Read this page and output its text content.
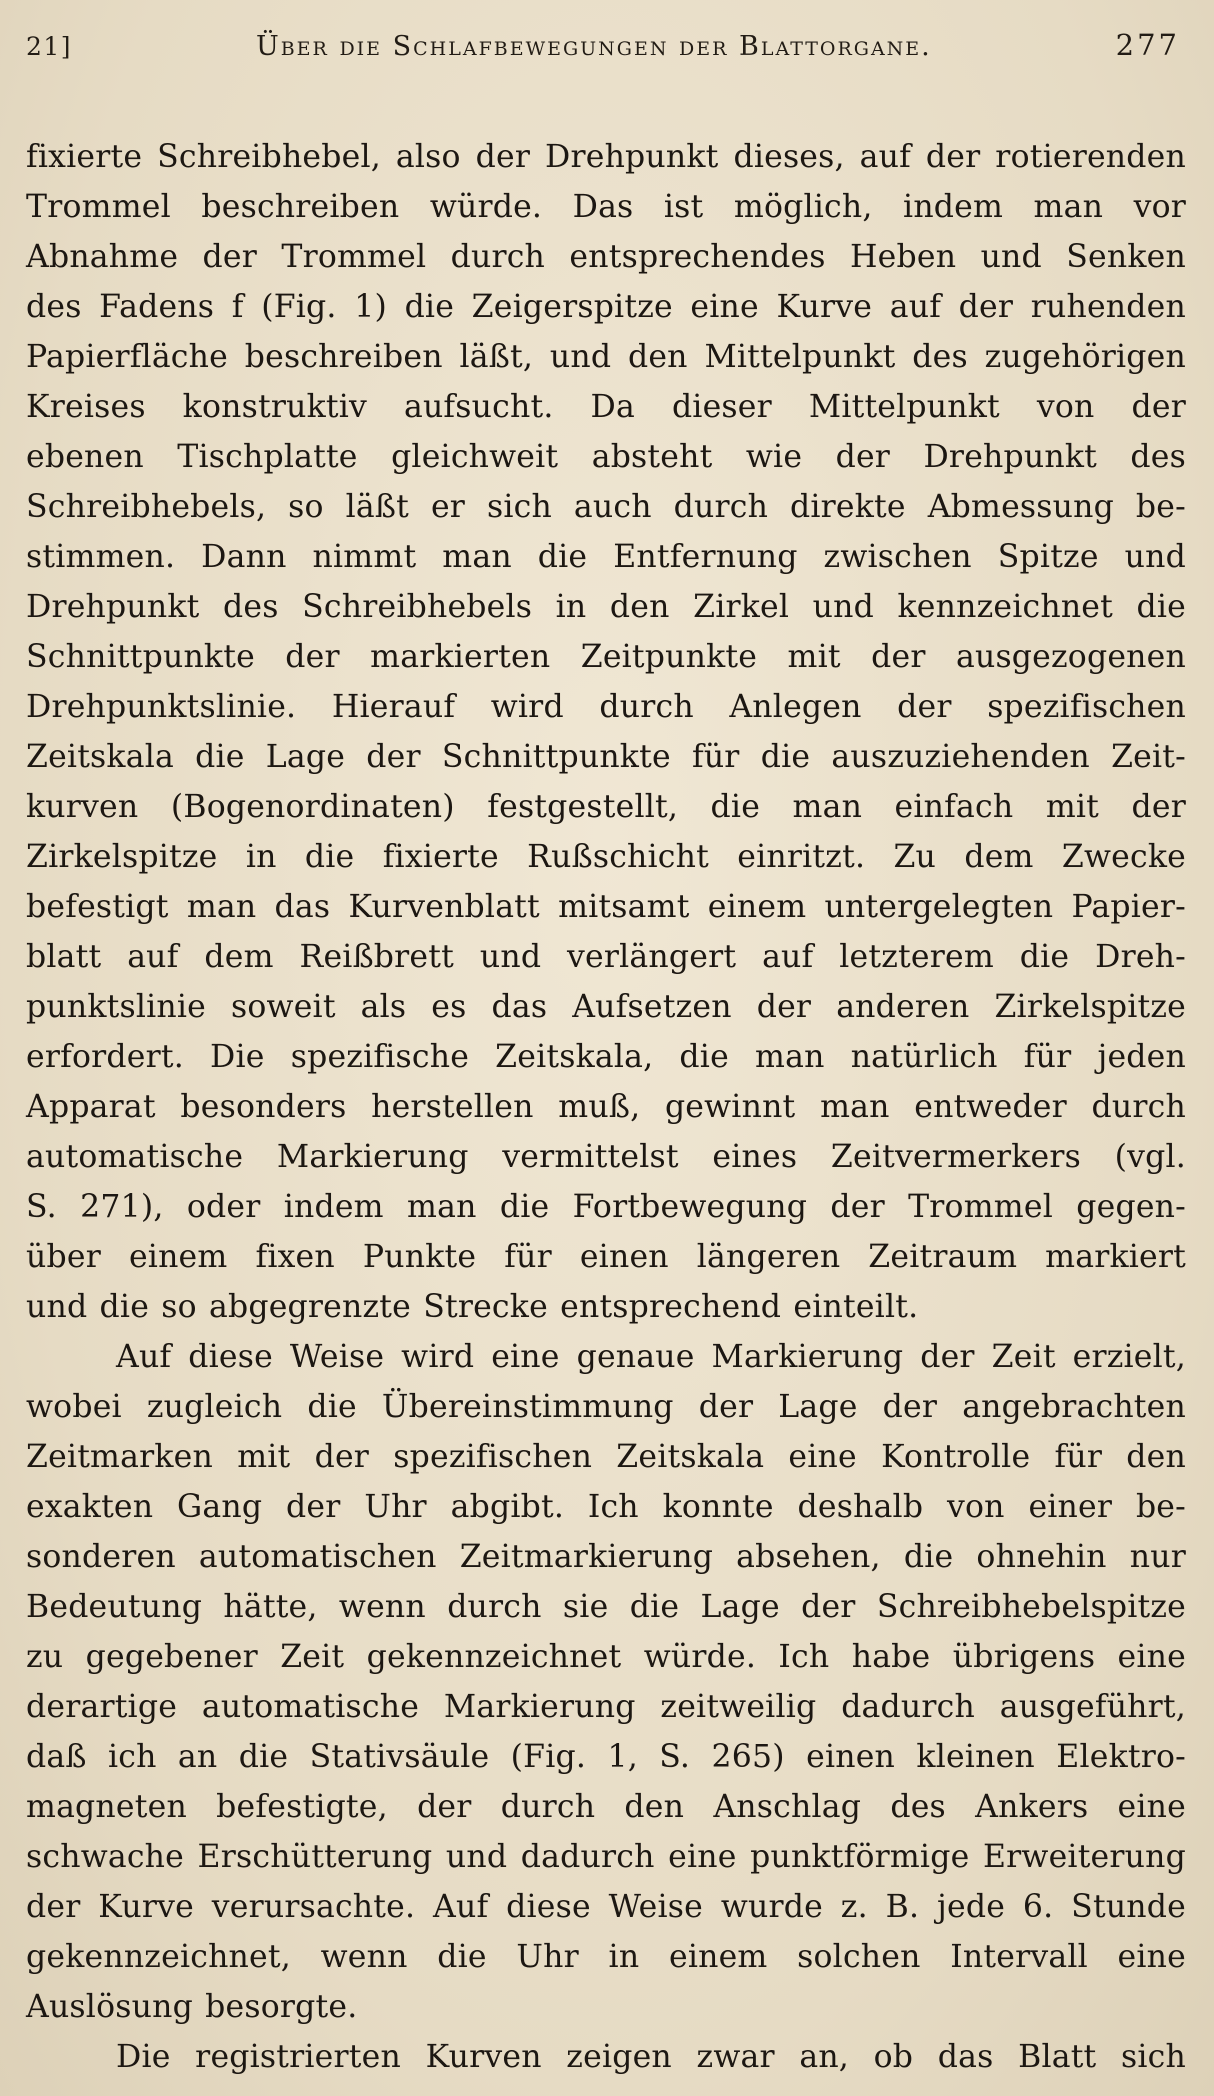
21]	Über die Schlafbewegungen der Blattorgane.	277
fixierte Schreibhebel, also der Drehpunkt dieses, auf der rotierenden
Trommel beschreiben würde. Das ist möglich, indem man vor
Abnahme der Trommel durch entsprechendes Heben und Senken
des Fadens f (Fig. 1) die Zeigerspitze eine Kurve auf der ruhenden
Papierfläche beschreiben läßt, und den Mittelpunkt des zugehörigen
Kreises konstruktiv aufsucht. Da dieser Mittelpunkt von der
ebenen Tischplatte gleichweit absteht wie der Drehpunkt des
Schreibhebels, so läßt er sich auch durch direkte Abmessung be-
stimmen. Dann nimmt man die Entfernung zwischen Spitze und
Drehpunkt des Schreibhebels in den Zirkel und kennzeichnet die
Schnittpunkte der markierten Zeitpunkte mit der ausgezogenen
Drehpunktslinie. Hierauf wird durch Anlegen der spezifischen
Zeitskala die Lage der Schnittpunkte für die auszuziehenden Zeit-
kurven (Bogenordinaten) festgestellt, die man einfach mit der
Zirkelspitze in die fixierte Rußschicht einritzt. Zu dem Zwecke
befestigt man das Kurvenblatt mitsamt einem untergelegten Papier-
blatt auf dem Reißbrett und verlängert auf letzterem die Dreh-
punktslinie soweit als es das Aufsetzen der anderen Zirkelspitze
erfordert. Die spezifische Zeitskala, die man natürlich für jeden
Apparat besonders herstellen muß, gewinnt man entweder durch
automatische Markierung vermittelst eines Zeitvermerkers (vgl.
S. 271), oder indem man die Fortbewegung der Trommel gegen-
über einem fixen Punkte für einen längeren Zeitraum markiert
und die so abgegrenzte Strecke entsprechend einteilt.
Auf diese Weise wird eine genaue Markierung der Zeit erzielt,
wobei zugleich die Übereinstimmung der Lage der angebrachten
Zeitmarken mit der spezifischen Zeitskala eine Kontrolle für den
exakten Gang der Uhr abgibt. Ich konnte deshalb von einer be-
sonderen automatischen Zeitmarkierung absehen, die ohnehin nur
Bedeutung hätte, wenn durch sie die Lage der Schreibhebelspitze
zu gegebener Zeit gekennzeichnet würde. Ich habe übrigens eine
derartige automatische Markierung zeitweilig dadurch ausgeführt,
daß ich an die Stativsäule (Fig. 1, S. 265) einen kleinen Elektro-
magneten befestigte, der durch den Anschlag des Ankers eine
schwache Erschütterung und dadurch eine punktförmige Erweiterung
der Kurve verursachte. Auf diese Weise wurde z. B. jede 6. Stunde
gekennzeichnet, wenn die Uhr in einem solchen Intervall eine
Auslösung besorgte.
Die registrierten Kurven zeigen zwar an, ob das Blatt sich
